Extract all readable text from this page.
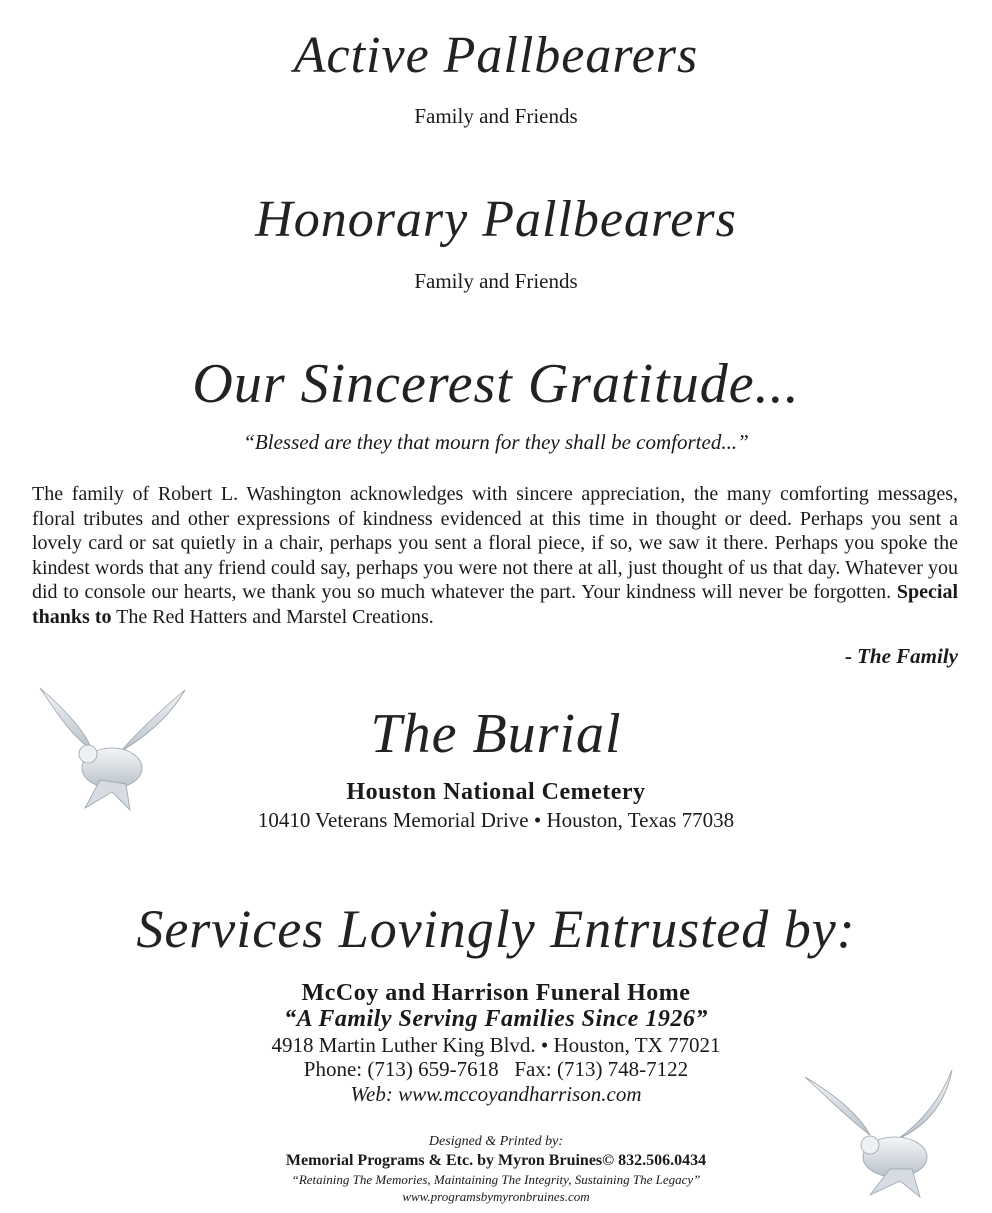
Active Pallbearers
Family and Friends
Honorary Pallbearers
Family and Friends
Our Sincerest Gratitude...
“Blessed are they that mourn for they shall be comforted...”
The family of Robert L. Washington acknowledges with sincere appreciation, the many comforting messages, floral tributes and other expressions of kindness evidenced at this time in thought or deed. Perhaps you sent a lovely card or sat quietly in a chair, perhaps you sent a floral piece, if so, we saw it there. Perhaps you spoke the kindest words that any friend could say, perhaps you were not there at all, just thought of us that day. Whatever you did to console our hearts, we thank you so much whatever the part. Your kindness will never be forgotten. Special thanks to The Red Hatters and Marstel Creations.
- The Family
The Burial
Houston National Cemetery
10410 Veterans Memorial Drive • Houston, Texas 77038
Services Lovingly Entrusted by:
McCoy and Harrison Funeral Home
“A Family Serving Families Since 1926”
4918 Martin Luther King Blvd. • Houston, TX 77021
Phone: (713) 659-7618   Fax: (713) 748-7122
Web: www.mccoyandharrison.com
Designed & Printed by:
Memorial Programs & Etc. by Myron Bruines© 832.506.0434
“Retaining The Memories, Maintaining The Integrity, Sustaining The Legacy”
www.programsbymyronbruines.com
